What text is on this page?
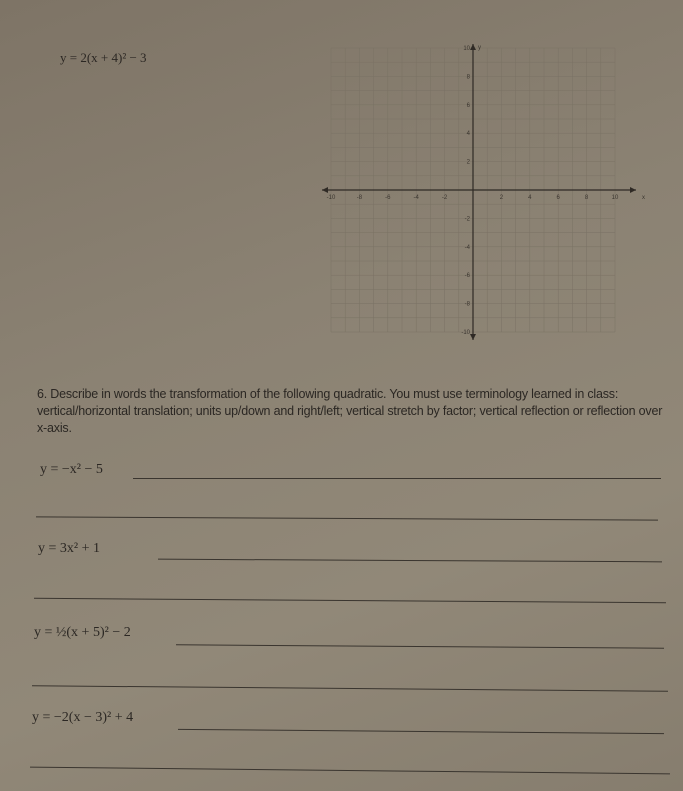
y = 2(x + 4)² − 3
-10	-8	-6	-4	-2	2	4	6	8	10
10
8
6
4
2
-2
-4
-6
-8
-10
x
y
6. Describe in words the transformation of the following quadratic. You must use terminology learned in class: vertical/horizontal translation; units up/down and right/left; vertical stretch by factor; vertical reflection or reflection over x-axis.
y = −x² − 5
y = 3x² + 1
y = ½(x + 5)² − 2
y = −2(x − 3)² + 4
